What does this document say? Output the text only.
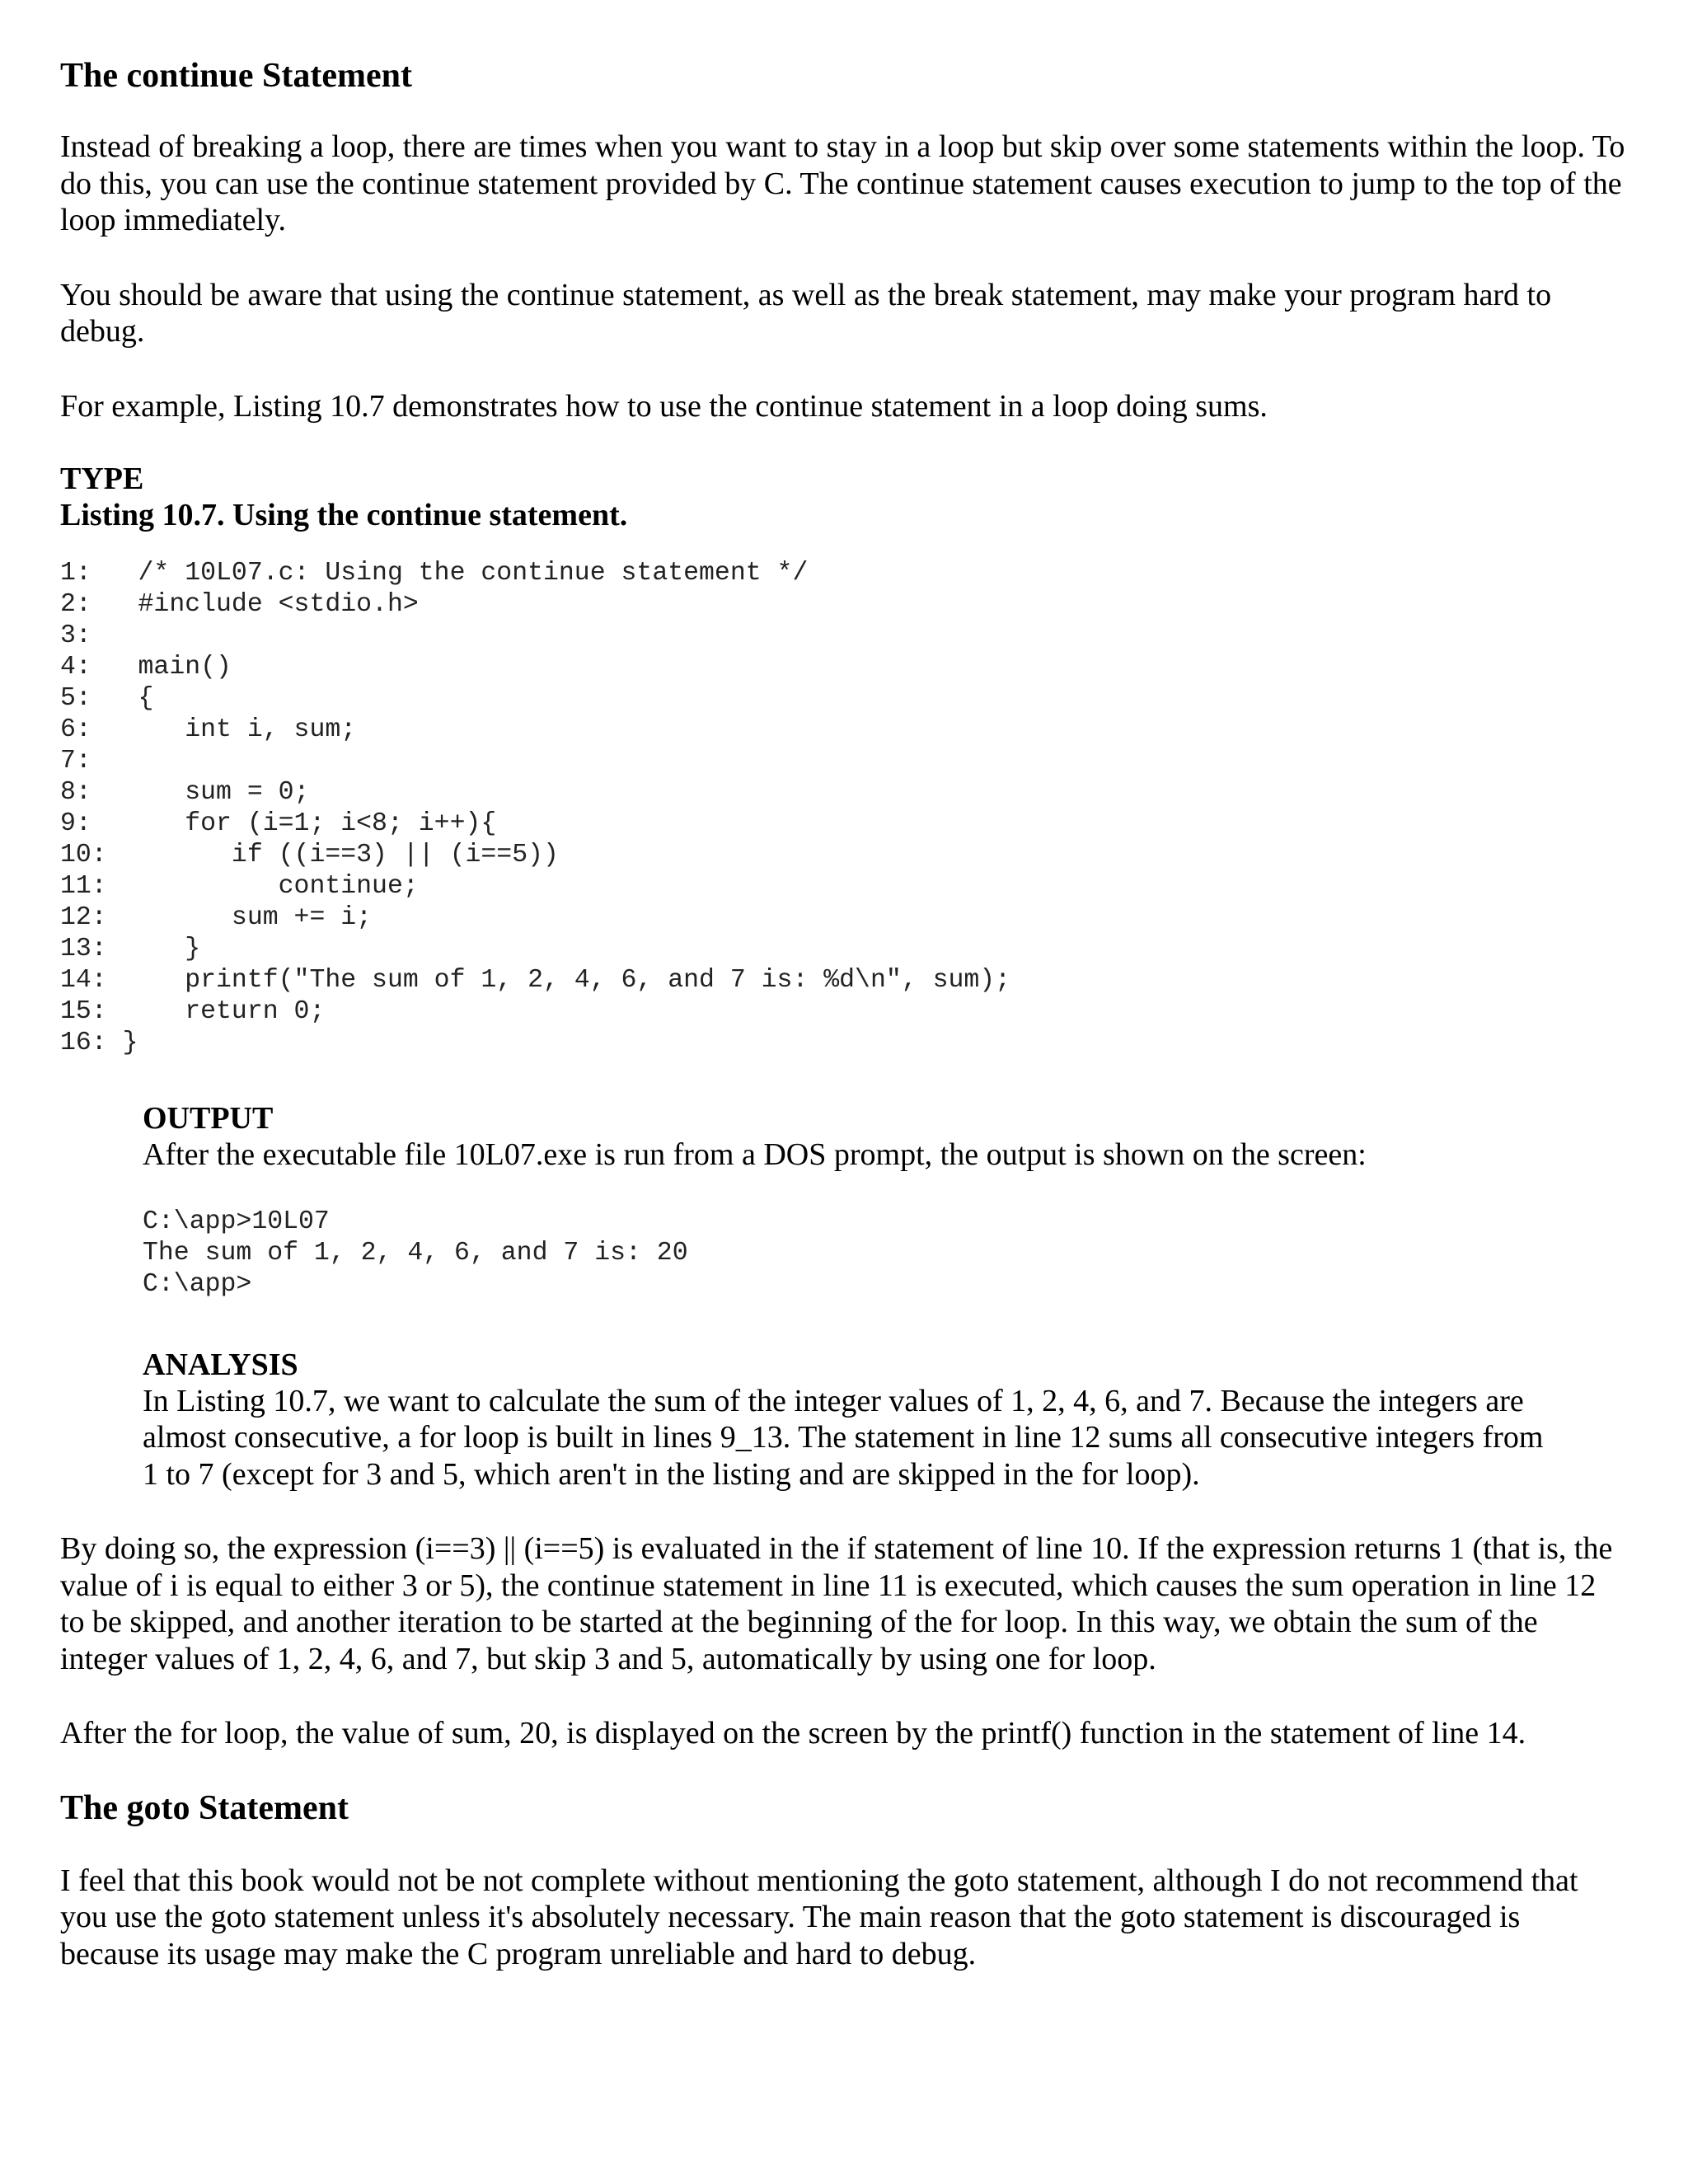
The continue Statement

Instead of breaking a loop, there are times when you want to stay in a loop but skip over some statements within the loop. To do this, you can use the continue statement provided by C. The continue statement causes execution to jump to the top of the loop immediately.

You should be aware that using the continue statement, as well as the break statement, may make your program hard to debug.

For example, Listing 10.7 demonstrates how to use the continue statement in a loop doing sums.

TYPE
Listing 10.7. Using the continue statement.
1:   /* 10L07.c: Using the continue statement */
2:   #include <stdio.h>
3:
4:   main()
5:   {
6:      int i, sum;
7:
8:      sum = 0;
9:      for (i=1; i<8; i++){
10:        if ((i==3) || (i==5))
11:           continue;
12:        sum += i;
13:     }
14:     printf("The sum of 1, 2, 4, 6, and 7 is: %d\n", sum);
15:     return 0;
16: }
OUTPUT

After the executable file 10L07.exe is run from a DOS prompt, the output is shown on the screen:

C:\app>10L07
The sum of 1, 2, 4, 6, and 7 is: 20
C:\app>
ANALYSIS

In Listing 10.7, we want to calculate the sum of the integer values of 1, 2, 4, 6, and 7. Because the integers are almost consecutive, a for loop is built in lines 9_13. The statement in line 12 sums all consecutive integers from 1 to 7 (except for 3 and 5, which aren't in the listing and are skipped in the for loop).

By doing so, the expression (i==3) || (i==5) is evaluated in the if statement of line 10. If the expression returns 1 (that is, the value of i is equal to either 3 or 5), the continue statement in line 11 is executed, which causes the sum operation in line 12 to be skipped, and another iteration to be started at the beginning of the for loop. In this way, we obtain the sum of the integer values of 1, 2, 4, 6, and 7, but skip 3 and 5, automatically by using one for loop.

After the for loop, the value of sum, 20, is displayed on the screen by the printf() function in the statement of line 14.

The goto Statement

I feel that this book would not be not complete without mentioning the goto statement, although I do not recommend that you use the goto statement unless it's absolutely necessary. The main reason that the goto statement is discouraged is because its usage may make the C program unreliable and hard to debug.
